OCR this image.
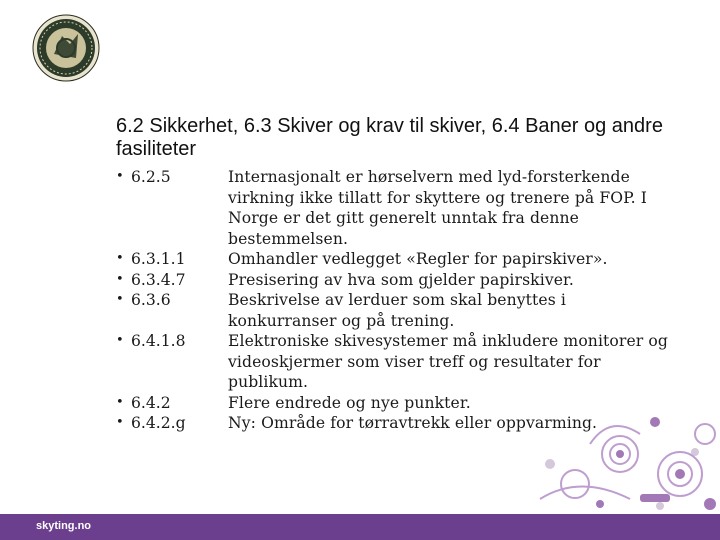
6.2 Sikkerhet, 6.3 Skiver og krav til skiver, 6.4 Baner og andre fasiliteter
• 6.2.5	Internasjonalt er hørselvern med lyd-forsterkende virkning ikke tillatt for skyttere og trenere på FOP. I Norge er det gitt generelt unntak fra denne bestemmelsen.
• 6.3.1.1	Omhandler vedlegget «Regler for papirskiver».
• 6.3.4.7	Presisering av hva som gjelder papirskiver.
• 6.3.6	Beskrivelse av lerduer som skal benyttes i konkurranser og på trening.
• 6.4.1.8	Elektroniske skivesystemer må inkludere monitorer og videoskjermer som viser treff og resultater for publikum.
• 6.4.2	Flere endrede og nye punkter.
• 6.4.2.g	Ny: Område for tørravtrekk eller oppvarming.
skyting.no
